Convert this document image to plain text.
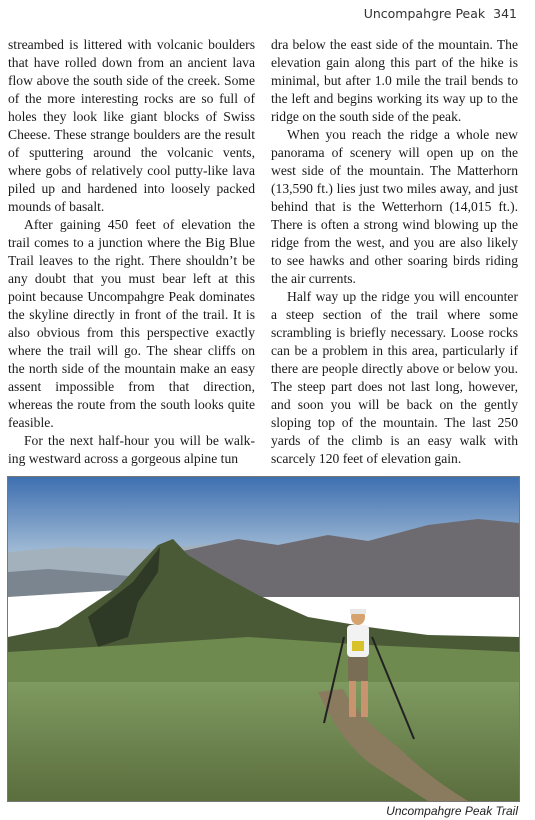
Uncompahgre Peak 341

streambed is littered with volcanic boulders that have rolled down from an ancient lava flow above the south side of the creek. Some of the more interesting rocks are so full of holes they look like giant blocks of Swiss Cheese. These strange boulders are the result of sputtering around the volcanic vents, where gobs of relatively cool putty-like lava piled up and hardened into loosely packed mounds of basalt.

After gaining 450 feet of elevation the trail comes to a junction where the Big Blue Trail leaves to the right. There shouldn’t be any doubt that you must bear left at this point because Uncompahgre Peak dominates the skyline directly in front of the trail. It is also obvious from this perspective exactly where the trail will go. The shear cliffs on the north side of the mountain make an easy assent impossible from that direction, whereas the route from the south looks quite feasible.

For the next half-hour you will be walking westward across a gorgeous alpine tun

dra below the east side of the mountain. The elevation gain along this part of the hike is minimal, but after 1.0 mile the trail bends to the left and begins working its way up to the ridge on the south side of the peak.

When you reach the ridge a whole new panorama of scenery will open up on the west side of the mountain. The Matterhorn (13,590 ft.) lies just two miles away, and just behind that is the Wetterhorn (14,015 ft.). There is often a strong wind blowing up the ridge from the west, and you are also likely to see hawks and other soaring birds riding the air currents.

Half way up the ridge you will encounter a steep section of the trail where some scrambling is briefly necessary. Loose rocks can be a problem in this area, particularly if there are people directly above or below you. The steep part does not last long, however, and soon you will be back on the gently sloping top of the mountain. The last 250 yards of the climb is an easy walk with scarcely 120 feet of elevation gain.

Uncompahgre Peak Trail
